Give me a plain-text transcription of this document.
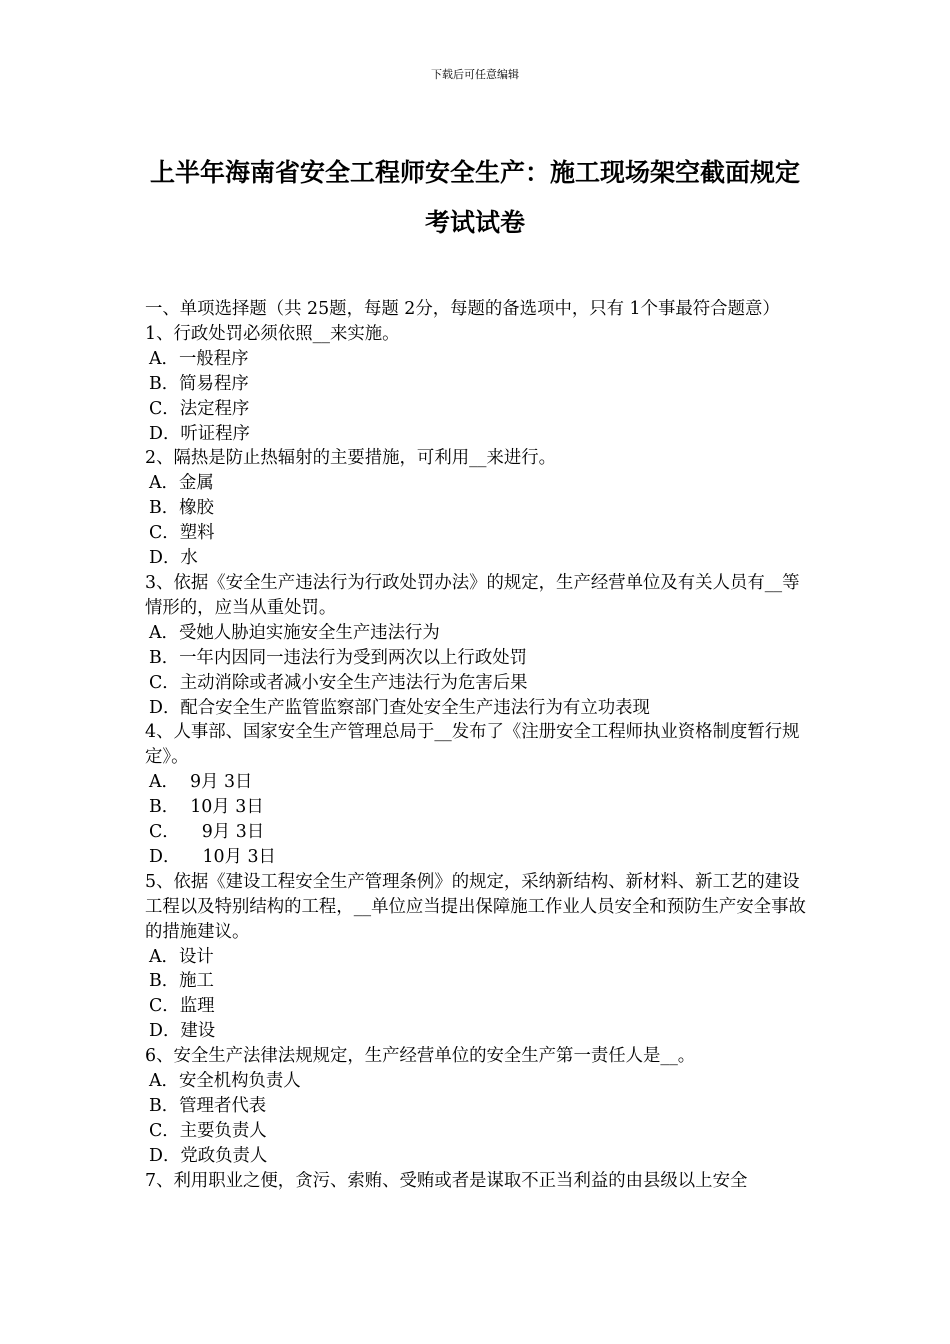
下载后可任意编辑
上半年海南省安全工程师安全生产：施工现场架空截面规定考试试卷
一、单项选择题（共 25题，每题 2分，每题的备选项中，只有 1个事最符合题意）
1、行政处罚必须依照__来实施。
A．一般程序
B．简易程序
C．法定程序
D．听证程序
2、隔热是防止热辐射的主要措施，可利用__来进行。
A．金属
B．橡胶
C．塑料
D．水
3、依据《安全生产违法行为行政处罚办法》的规定，生产经营单位及有关人员有__等情形的，应当从重处罚。
A．受她人胁迫实施安全生产违法行为
B．一年内因同一违法行为受到两次以上行政处罚
C．主动消除或者减小安全生产违法行为危害后果
D．配合安全生产监管监察部门查处安全生产违法行为有立功表现
4、人事部、国家安全生产管理总局于__发布了《注册安全工程师执业资格制度暂行规定》。
A．  9月 3日
B．  10月 3日
C．    9月 3日
D．    10月 3日
5、依据《建设工程安全生产管理条例》的规定，采纳新结构、新材料、新工艺的建设工程以及特别结构的工程，__单位应当提出保障施工作业人员安全和预防生产安全事故的措施建议。
A．设计
B．施工
C．监理
D．建设
6、安全生产法律法规规定，生产经营单位的安全生产第一责任人是__。
A．安全机构负责人
B．管理者代表
C．主要负责人
D．党政负责人
7、利用职业之便，贪污、索贿、受贿或者是谋取不正当利益的由县级以上安全
